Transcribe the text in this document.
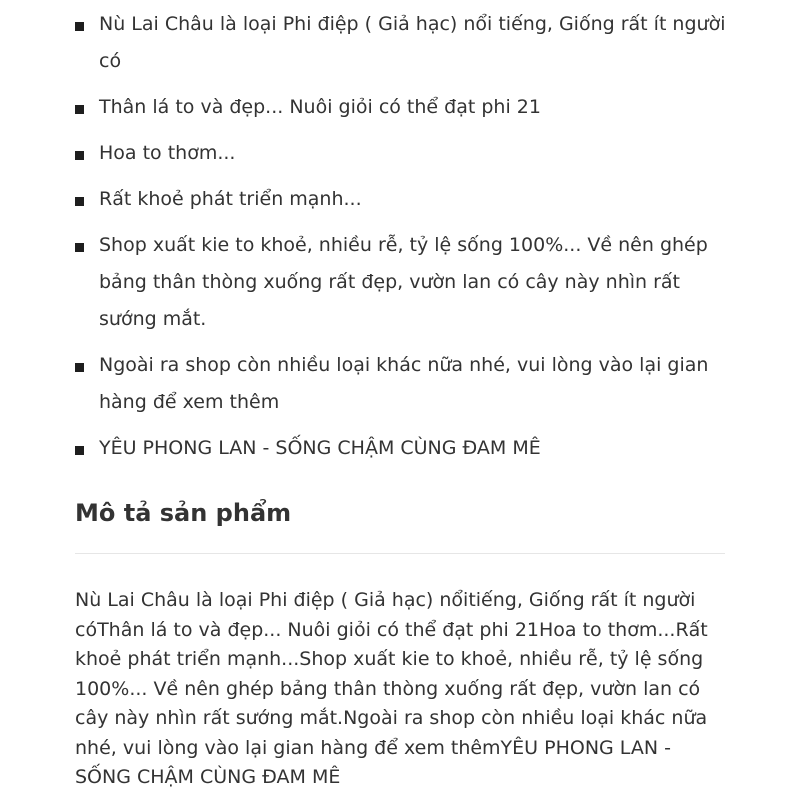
Nù Lai Châu là loại Phi điệp ( Giả hạc) nổi tiếng, Giống rất ít người có
Thân lá to và đẹp... Nuôi giỏi có thể đạt phi 21
Hoa to thơm...
Rất khoẻ phát triển mạnh...
Shop xuất kie to khoẻ, nhiều rễ, tỷ lệ sống 100%... Về nên ghép bảng thân thòng xuống rất đẹp, vườn lan có cây này nhìn rất sướng mắt.
Ngoài ra shop còn nhiều loại khác nữa nhé, vui lòng vào lại gian hàng để xem thêm
YÊU PHONG LAN - SỐNG CHẬM CÙNG ĐAM MÊ
Mô tả sản phẩm

Nù Lai Châu là loại Phi điệp ( Giả hạc) nổitiếng, Giống rất ít người cóThân lá to và đẹp... Nuôi giỏi có thể đạt phi 21Hoa to thơm...Rất khoẻ phát triển mạnh...Shop xuất kie to khoẻ, nhiều rễ, tỷ lệ sống 100%... Về nên ghép bảng thân thòng xuống rất đẹp, vườn lan có cây này nhìn rất sướng mắt.Ngoài ra shop còn nhiều loại khác nữa nhé, vui lòng vào lại gian hàng để xem thêmYÊU PHONG LAN - SỐNG CHẬM CÙNG ĐAM MÊ
